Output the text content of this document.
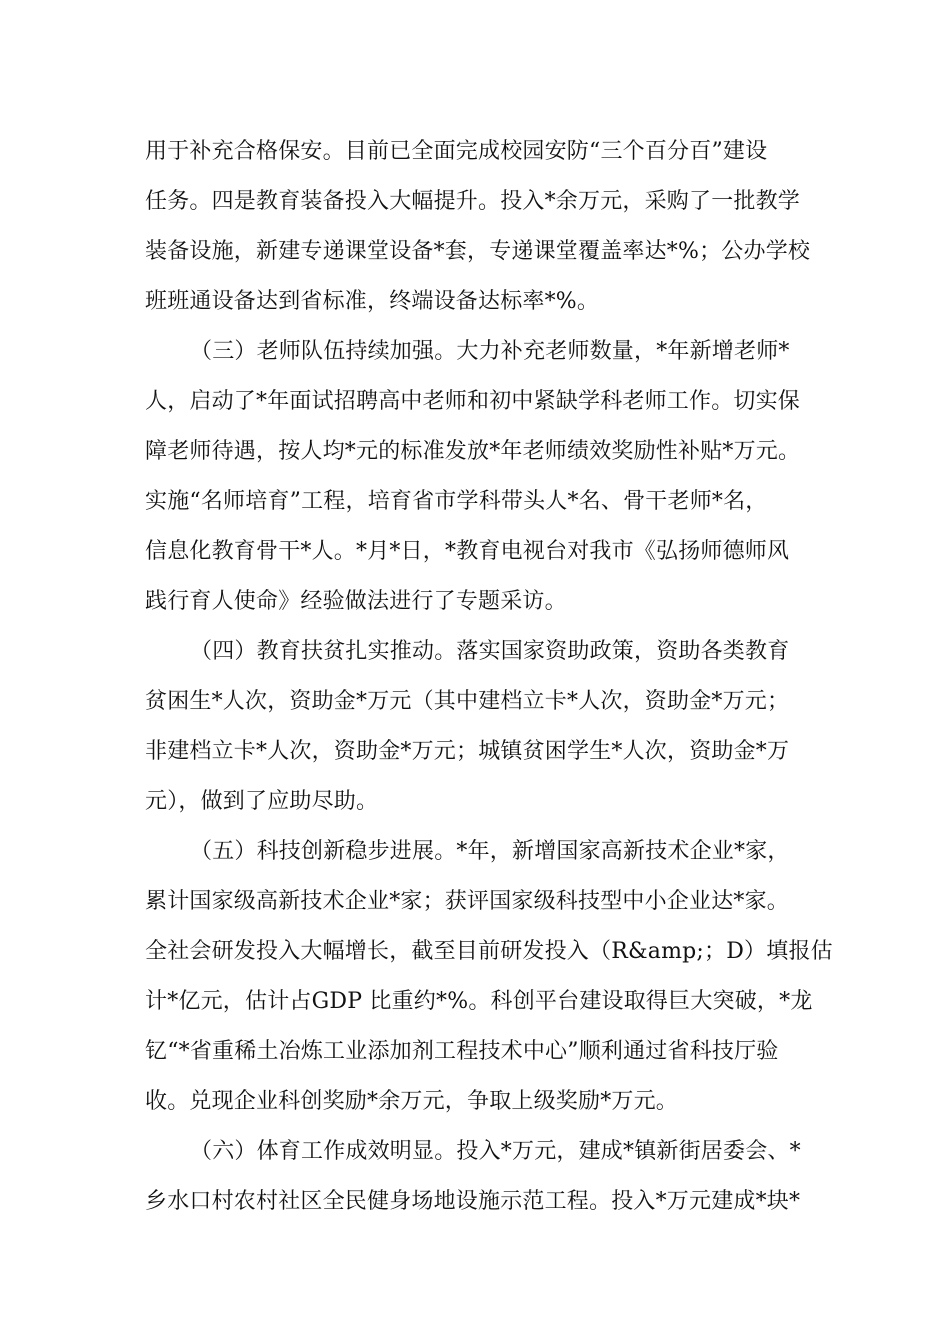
用于补充合格保安。目前已全面完成校园安防“三个百分百”建设
任务。四是教育装备投入大幅提升。投入*余万元，采购了一批教学
装备设施，新建专递课堂设备*套，专递课堂覆盖率达*%；公办学校
班班通设备达到省标准，终端设备达标率*%。
（三）老师队伍持续加强。大力补充老师数量，*年新增老师*
人，启动了*年面试招聘高中老师和初中紧缺学科老师工作。切实保
障老师待遇，按人均*元的标准发放*年老师绩效奖励性补贴*万元。
实施“名师培育”工程，培育省市学科带头人*名、骨干老师*名，
信息化教育骨干*人。*月*日，*教育电视台对我市《弘扬师德师风
践行育人使命》经验做法进行了专题采访。
（四）教育扶贫扎实推动。落实国家资助政策，资助各类教育
贫困生*人次，资助金*万元（其中建档立卡*人次，资助金*万元；
非建档立卡*人次，资助金*万元；城镇贫困学生*人次，资助金*万
元），做到了应助尽助。
（五）科技创新稳步进展。*年，新增国家高新技术企业*家，
累计国家级高新技术企业*家；获评国家级科技型中小企业达*家。
全社会研发投入大幅增长，截至目前研发投入（R&amp;；D）填报估
计*亿元，估计占GDP 比重约*%。科创平台建设取得巨大突破，*龙
钇“*省重稀土冶炼工业添加剂工程技术中心”顺利通过省科技厅验
收。兑现企业科创奖励*余万元，争取上级奖励*万元。
（六）体育工作成效明显。投入*万元，建成*镇新街居委会、*
乡水口村农村社区全民健身场地设施示范工程。投入*万元建成*块*
